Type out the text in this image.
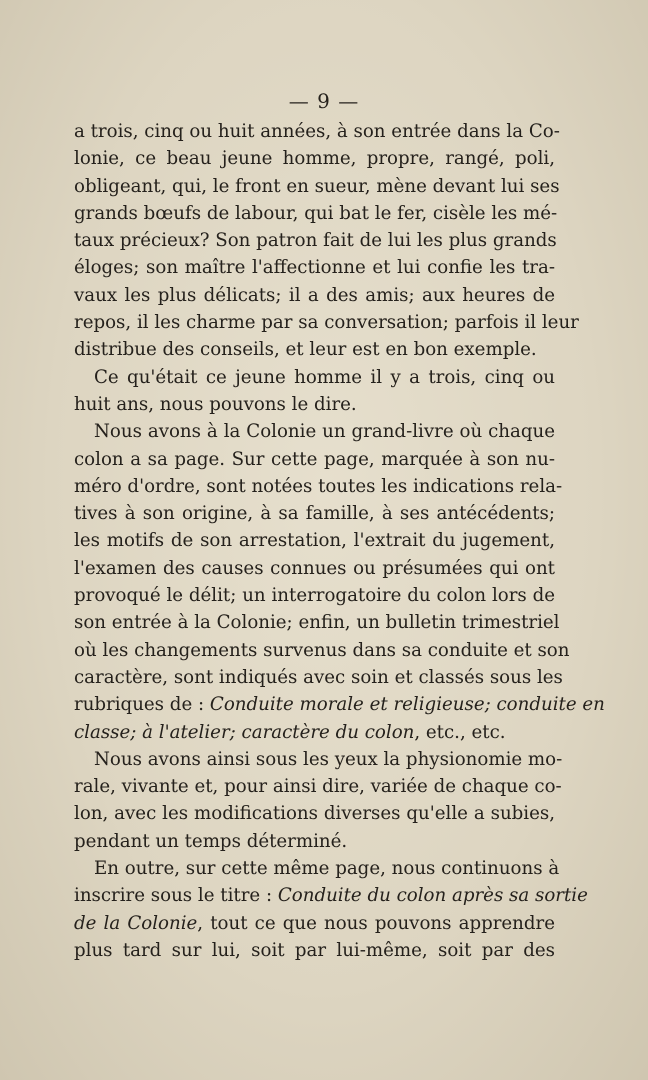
— 9 —

a trois, cinq ou huit années, à son entrée dans la Co-
lonie, ce beau jeune homme, propre, rangé, poli,
obligeant, qui, le front en sueur, mène devant lui ses
grands bœufs de labour, qui bat le fer, cisèle les mé-
taux précieux? Son patron fait de lui les plus grands
éloges; son maître l'affectionne et lui confie les tra-
vaux les plus délicats; il a des amis; aux heures de
repos, il les charme par sa conversation; parfois il leur
distribue des conseils, et leur est en bon exemple.

Ce qu'était ce jeune homme il y a trois, cinq ou
huit ans, nous pouvons le dire.

Nous avons à la Colonie un grand-livre où chaque
colon a sa page. Sur cette page, marquée à son nu-
méro d'ordre, sont notées toutes les indications rela-
tives à son origine, à sa famille, à ses antécédents;
les motifs de son arrestation, l'extrait du jugement,
l'examen des causes connues ou présumées qui ont
provoqué le délit; un interrogatoire du colon lors de
son entrée à la Colonie; enfin, un bulletin trimestriel
où les changements survenus dans sa conduite et son
caractère, sont indiqués avec soin et classés sous les
rubriques de : Conduite morale et religieuse; conduite en
classe; à l'atelier; caractère du colon, etc., etc.

Nous avons ainsi sous les yeux la physionomie mo-
rale, vivante et, pour ainsi dire, variée de chaque co-
lon, avec les modifications diverses qu'elle a subies,
pendant un temps déterminé.

En outre, sur cette même page, nous continuons à
inscrire sous le titre : Conduite du colon après sa sortie
de la Colonie, tout ce que nous pouvons apprendre
plus tard sur lui, soit par lui-même, soit par des
